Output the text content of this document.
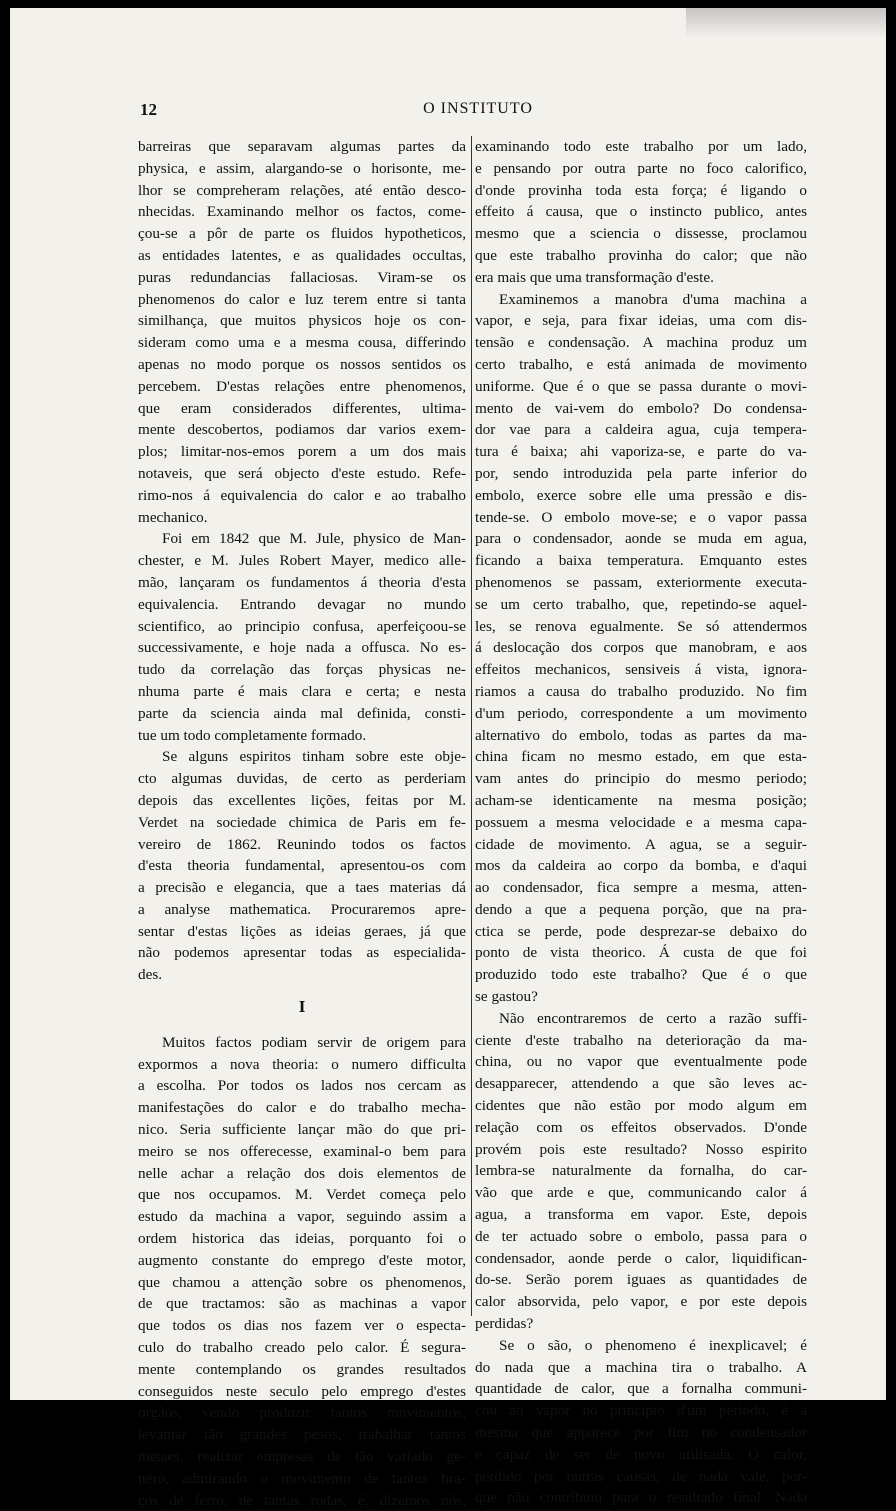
12	O INSTITUTO
barreiras que separavam algumas partes da
physica, e assim, alargando-se o horisonte, me-
lhor se compreheram relações, até então desco-
nhecidas. Examinando melhor os factos, come-
çou-se a pôr de parte os fluidos hypotheticos,
as entidades latentes, e as qualidades occultas,
puras redundancias fallaciosas. Viram-se os
phenomenos do calor e luz terem entre si tanta
similhança, que muitos physicos hoje os con-
sideram como uma e a mesma cousa, differindo
apenas no modo porque os nossos sentidos os
percebem. D'estas relações entre phenomenos,
que eram considerados differentes, ultima-
mente descobertos, podiamos dar varios exem-
plos; limitar-nos-emos porem a um dos mais
notaveis, que será objecto d'este estudo. Refe-
rimo-nos á equivalencia do calor e ao trabalho
mechanico.
Foi em 1842 que M. Jule, physico de Man-
chester, e M. Jules Robert Mayer, medico alle-
mão, lançaram os fundamentos á theoria d'esta
equivalencia. Entrando devagar no mundo
scientifico, ao principio confusa, aperfeiçoou-se
successivamente, e hoje nada a offusca. No es-
tudo da correlação das forças physicas ne-
nhuma parte é mais clara e certa; e nesta
parte da sciencia ainda mal definida, consti-
tue um todo completamente formado.
Se alguns espiritos tinham sobre este obje-
cto algumas duvidas, de certo as perderiam
depois das excellentes lições, feitas por M.
Verdet na sociedade chimica de Paris em fe-
vereiro de 1862. Reunindo todos os factos
d'esta theoria fundamental, apresentou-os com
a precisão e elegancia, que a taes materias dá
a analyse mathematica. Procuraremos apre-
sentar d'estas lições as ideias geraes, já que
não podemos apresentar todas as especialida-
des.
I
Muitos factos podiam servir de origem para
expormos a nova theoria: o numero difficulta
a escolha. Por todos os lados nos cercam as
manifestações do calor e do trabalho mecha-
nico. Seria sufficiente lançar mão do que pri-
meiro se nos offerecesse, examinal-o bem para
nelle achar a relação dos dois elementos de
que nos occupamos. M. Verdet começa pelo
estudo da machina a vapor, seguindo assim a
ordem historica das ideias, porquanto foi o
augmento constante do emprego d'este motor,
que chamou a attenção sobre os phenomenos,
de que tractamos: são as machinas a vapor
que todos os dias nos fazem ver o especta-
culo do trabalho creado pelo calor. É segura-
mente contemplando os grandes resultados
conseguidos neste seculo pelo emprego d'estes
orgãos, vendo produzir tantos movimentos,
levantar tão grandes pesos, trabalhar tantos
metaes, realizar empresas de tão variado ge-
nero, admirando o movimento de tantos bra-
ços de ferro, de tantas rodas, é, dizemos nós,
examinando todo este trabalho por um lado,
e pensando por outra parte no foco calorifico,
d'onde provinha toda esta força; é ligando o
effeito á causa, que o instincto publico, antes
mesmo que a sciencia o dissesse, proclamou
que este trabalho provinha do calor; que não
era mais que uma transformação d'este.
Examinemos a manobra d'uma machina a
vapor, e seja, para fixar ideias, uma com dis-
tensão e condensação. A machina produz um
certo trabalho, e está animada de movimento
uniforme. Que é o que se passa durante o movi-
mento de vai-vem do embolo? Do condensa-
dor vae para a caldeira agua, cuja tempera-
tura é baixa; ahi vaporiza-se, e parte do va-
por, sendo introduzida pela parte inferior do
embolo, exerce sobre elle uma pressão e dis-
tende-se. O embolo move-se; e o vapor passa
para o condensador, aonde se muda em agua,
ficando a baixa temperatura. Emquanto estes
phenomenos se passam, exteriormente executa-
se um certo trabalho, que, repetindo-se aquel-
les, se renova egualmente. Se só attendermos
á deslocação dos corpos que manobram, e aos
effeitos mechanicos, sensiveis á vista, ignora-
riamos a causa do trabalho produzido. No fim
d'um periodo, correspondente a um movimento
alternativo do embolo, todas as partes da ma-
china ficam no mesmo estado, em que esta-
vam antes do principio do mesmo periodo;
acham-se identicamente na mesma posição;
possuem a mesma velocidade e a mesma capa-
cidade de movimento. A agua, se a seguir-
mos da caldeira ao corpo da bomba, e d'aqui
ao condensador, fica sempre a mesma, atten-
dendo a que a pequena porção, que na pra-
ctica se perde, pode desprezar-se debaixo do
ponto de vista theorico. Á custa de que foi
produzido todo este trabalho? Que é o que
se gastou?
Não encontraremos de certo a razão suffi-
ciente d'este trabalho na deterioração da ma-
china, ou no vapor que eventualmente pode
desapparecer, attendendo a que são leves ac-
cidentes que não estão por modo algum em
relação com os effeitos observados. D'onde
provém pois este resultado? Nosso espirito
lembra-se naturalmente da fornalha, do car-
vão que arde e que, communicando calor á
agua, a transforma em vapor. Este, depois
de ter actuado sobre o embolo, passa para o
condensador, aonde perde o calor, liquidifican-
do-se. Serão porem iguaes as quantidades de
calor absorvida, pelo vapor, e por este depois
perdidas?
Se o são, o phenomeno é inexplicavel; é
do nada que a machina tira o trabalho. A
quantidade de calor, que a fornalha communi-
cou ao vapor no principio d'um periodo, é a
mesma que apparece por fim no condensador
e capaz de ser de novo utilisada. O calor,
perdido por outras causas, de nada vale, por-
que não contribuiu para o resultado final. Nada
